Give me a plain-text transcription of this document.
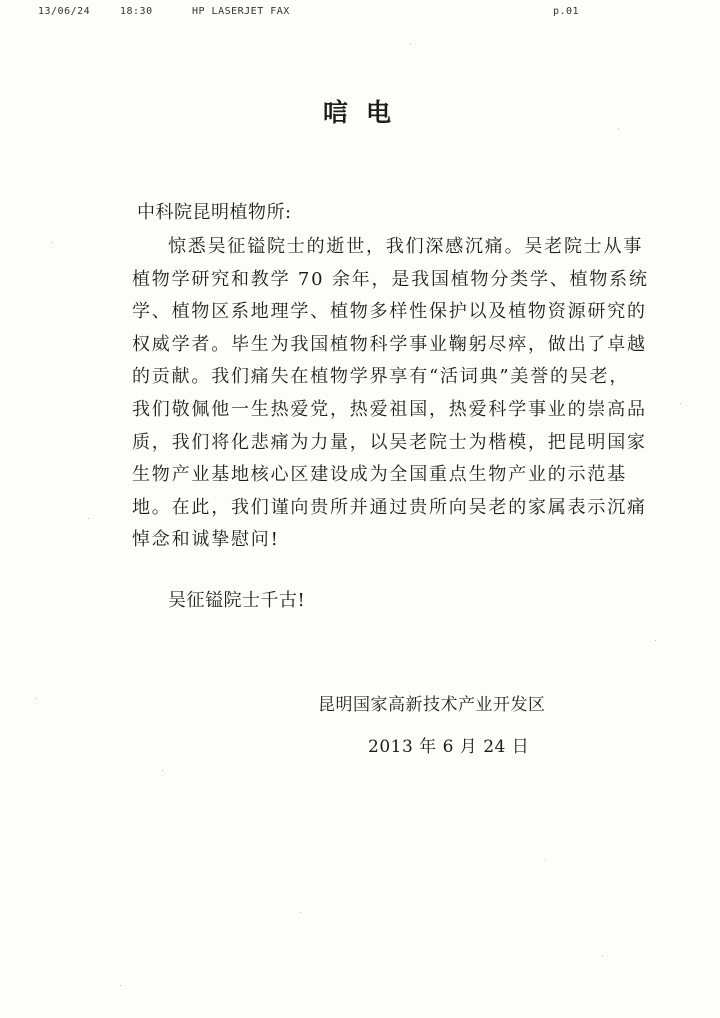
13/06/24	18:30	HP LASERJET FAX	p.01
唁电
中科院昆明植物所:
惊悉吴征镒院士的逝世，我们深感沉痛。吴老院士从事
植物学研究和教学 70 余年，是我国植物分类学、植物系统
学、植物区系地理学、植物多样性保护以及植物资源研究的
权威学者。毕生为我国植物科学事业鞠躬尽瘁，做出了卓越
的贡献。我们痛失在植物学界享有“活词典”美誉的吴老，
我们敬佩他一生热爱党，热爱祖国，热爱科学事业的崇高品
质，我们将化悲痛为力量，以吴老院士为楷模，把昆明国家
生物产业基地核心区建设成为全国重点生物产业的示范基
地。在此，我们谨向贵所并通过贵所向吴老的家属表示沉痛
悼念和诚挚慰问!
吴征镒院士千古!
昆明国家高新技术产业开发区
2013 年 6 月 24 日
